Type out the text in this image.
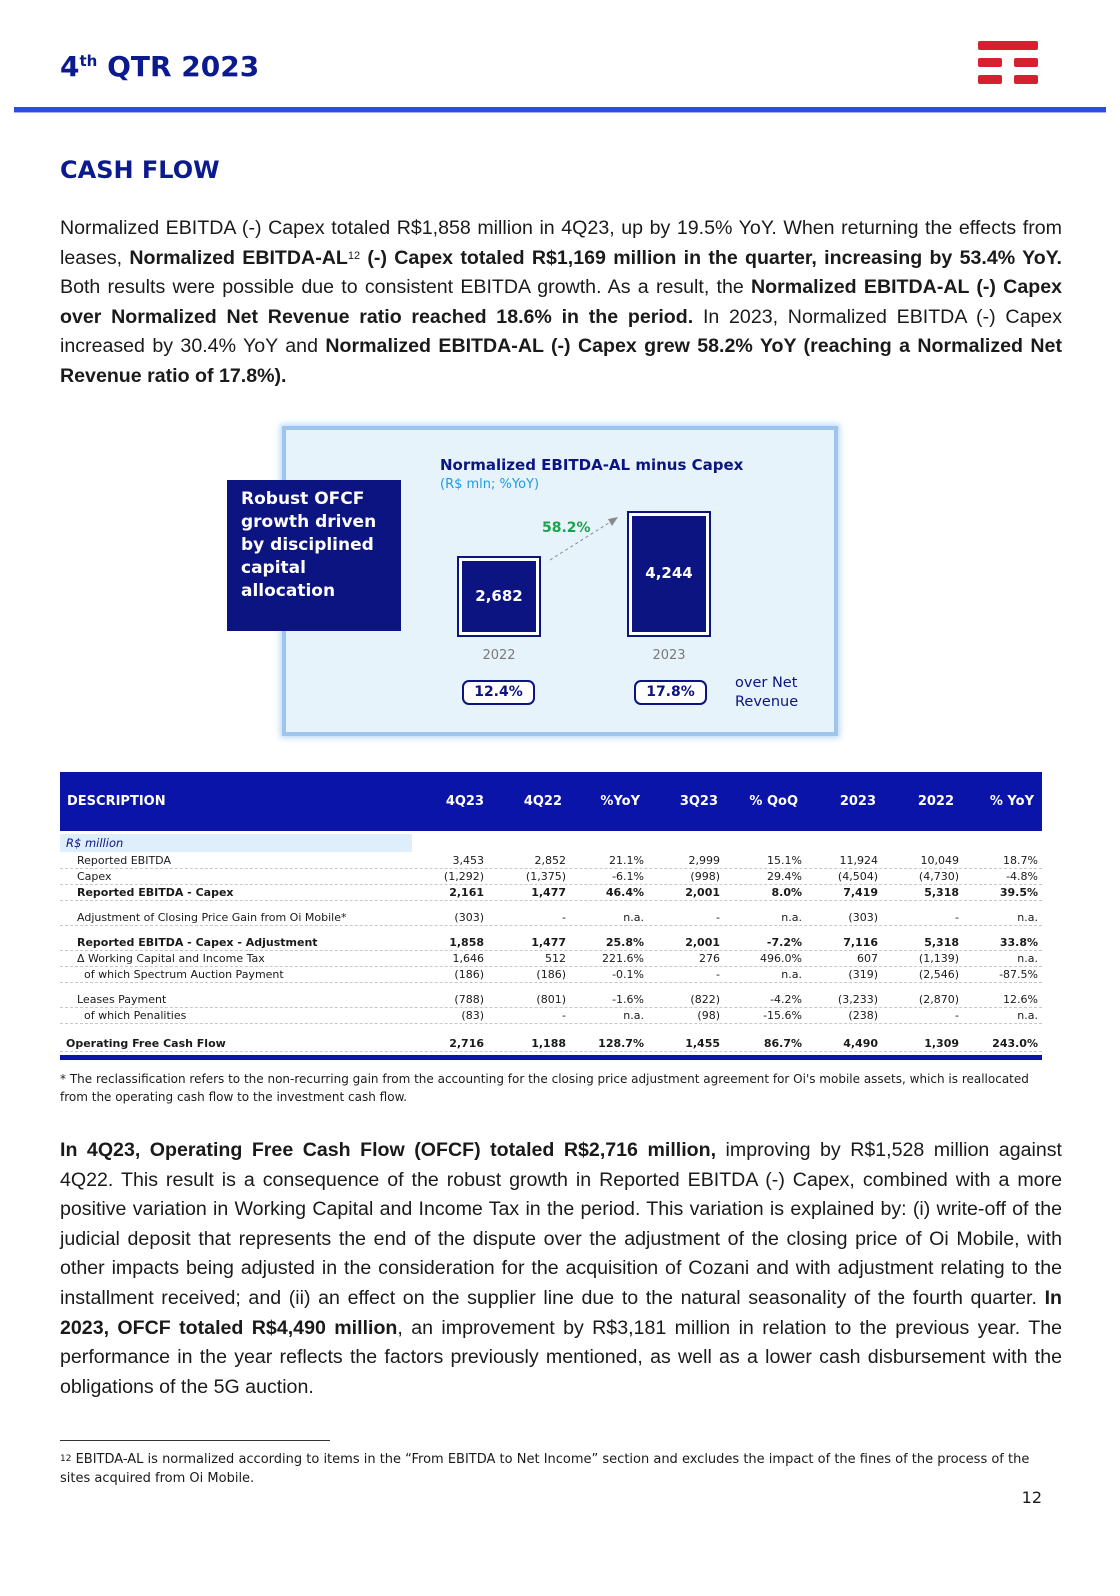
4th QTR 2023
CASH FLOW
Normalized EBITDA (-) Capex totaled R$1,858 million in 4Q23, up by 19.5% YoY. When returning the effects from leases, Normalized EBITDA-AL$^{12}$ (-) Capex totaled R$1,169 million in the quarter, increasing by 53.4% YoY. Both results were possible due to consistent EBITDA growth. As a result, the Normalized EBITDA-AL (-) Capex over Normalized Net Revenue ratio reached 18.6% in the period. In 2023, Normalized EBITDA (-) Capex increased by 30.4% YoY and Normalized EBITDA-AL (-) Capex grew 58.2% YoY (reaching a Normalized Net Revenue ratio of 17.8%).
Robust OFCF growth driven by disciplined capital allocation
Normalized EBITDA-AL minus Capex
(R$ mln; %YoY)
2,682
4,244
58.2%
2022	2023
12.4%	17.8%
over Net Revenue
DESCRIPTION	4Q23	4Q22	%YoY	3Q23	% QoQ	2023	2022	% YoY
R$ million
Reported EBITDA	3,453	2,852	21.1%	2,999	15.1%	11,924	10,049	18.7%
Capex	(1,292)	(1,375)	-6.1%	(998)	29.4%	(4,504)	(4,730)	-4.8%
Reported EBITDA - Capex	2,161	1,477	46.4%	2,001	8.0%	7,419	5,318	39.5%
Adjustment of Closing Price Gain from Oi Mobile*	(303)	-	n.a.	-	n.a.	(303)	-	n.a.
Reported EBITDA - Capex - Adjustment	1,858	1,477	25.8%	2,001	-7.2%	7,116	5,318	33.8%
Δ Working Capital and Income Tax	1,646	512	221.6%	276	496.0%	607	(1,139)	n.a.
of which Spectrum Auction Payment	(186)	(186)	-0.1%	-	n.a.	(319)	(2,546)	-87.5%
Leases Payment	(788)	(801)	-1.6%	(822)	-4.2%	(3,233)	(2,870)	12.6%
of which Penalities	(83)	-	n.a.	(98)	-15.6%	(238)	-	n.a.
Operating Free Cash Flow	2,716	1,188	128.7%	1,455	86.7%	4,490	1,309	243.0%
* The reclassification refers to the non-recurring gain from the accounting for the closing price adjustment agreement for Oi's mobile assets, which is reallocated from the operating cash flow to the investment cash flow.
In 4Q23, Operating Free Cash Flow (OFCF) totaled R$2,716 million, improving by R$1,528 million against 4Q22. This result is a consequence of the robust growth in Reported EBITDA (-) Capex, combined with a more positive variation in Working Capital and Income Tax in the period. This variation is explained by: (i) write-off of the judicial deposit that represents the end of the dispute over the adjustment of the closing price of Oi Mobile, with other impacts being adjusted in the consideration for the acquisition of Cozani and with adjustment relating to the installment received; and (ii) an effect on the supplier line due to the natural seasonality of the fourth quarter. In 2023, OFCF totaled R$4,490 million, an improvement by R$3,181 million in relation to the previous year. The performance in the year reflects the factors previously mentioned, as well as a lower cash disbursement with the obligations of the 5G auction.
$^{12}$ EBITDA-AL is normalized according to items in the “From EBITDA to Net Income” section and excludes the impact of the fines of the process of the sites acquired from Oi Mobile.
12
